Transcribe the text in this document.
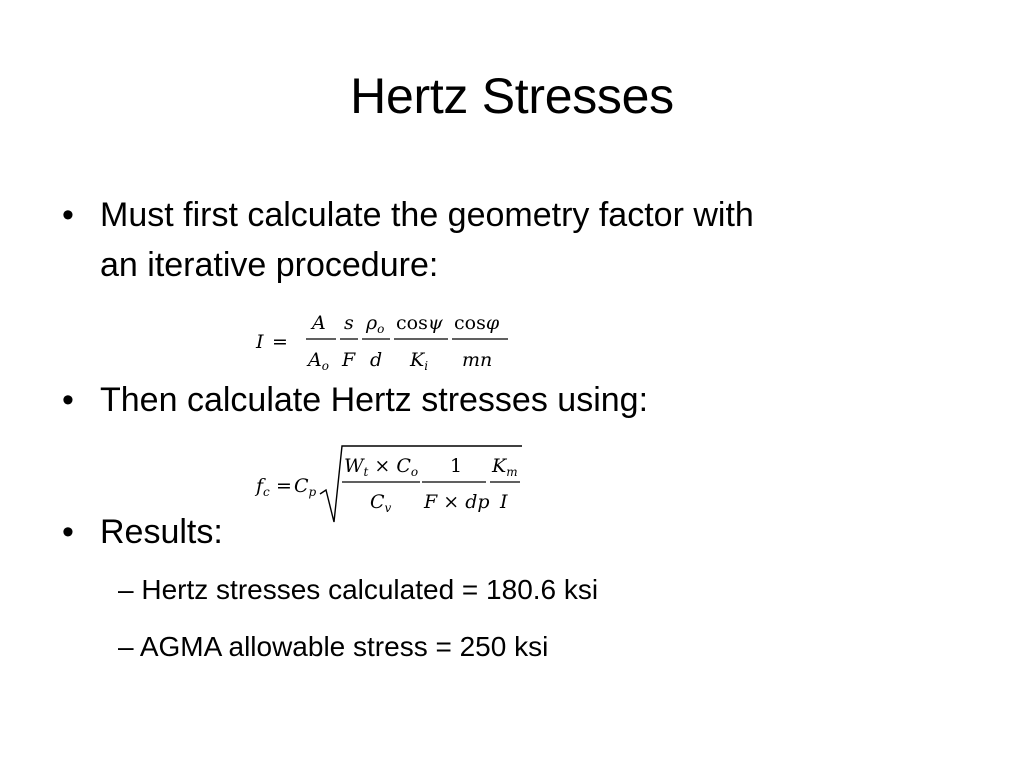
Hertz Stresses
• Must first calculate the geometry factor with
an iterative procedure:
I =
A
$A_o$
s
F
$\rho_o$
d
cosψ
$K_i$
cosφ
mn
• Then calculate Hertz stresses using:
$f_c = C_p$
$W_t \times C_o$
$C_v$
1
F × dp
$K_m$
I
• Results:
– Hertz stresses calculated = 180.6 ksi
– AGMA allowable stress = 250 ksi
